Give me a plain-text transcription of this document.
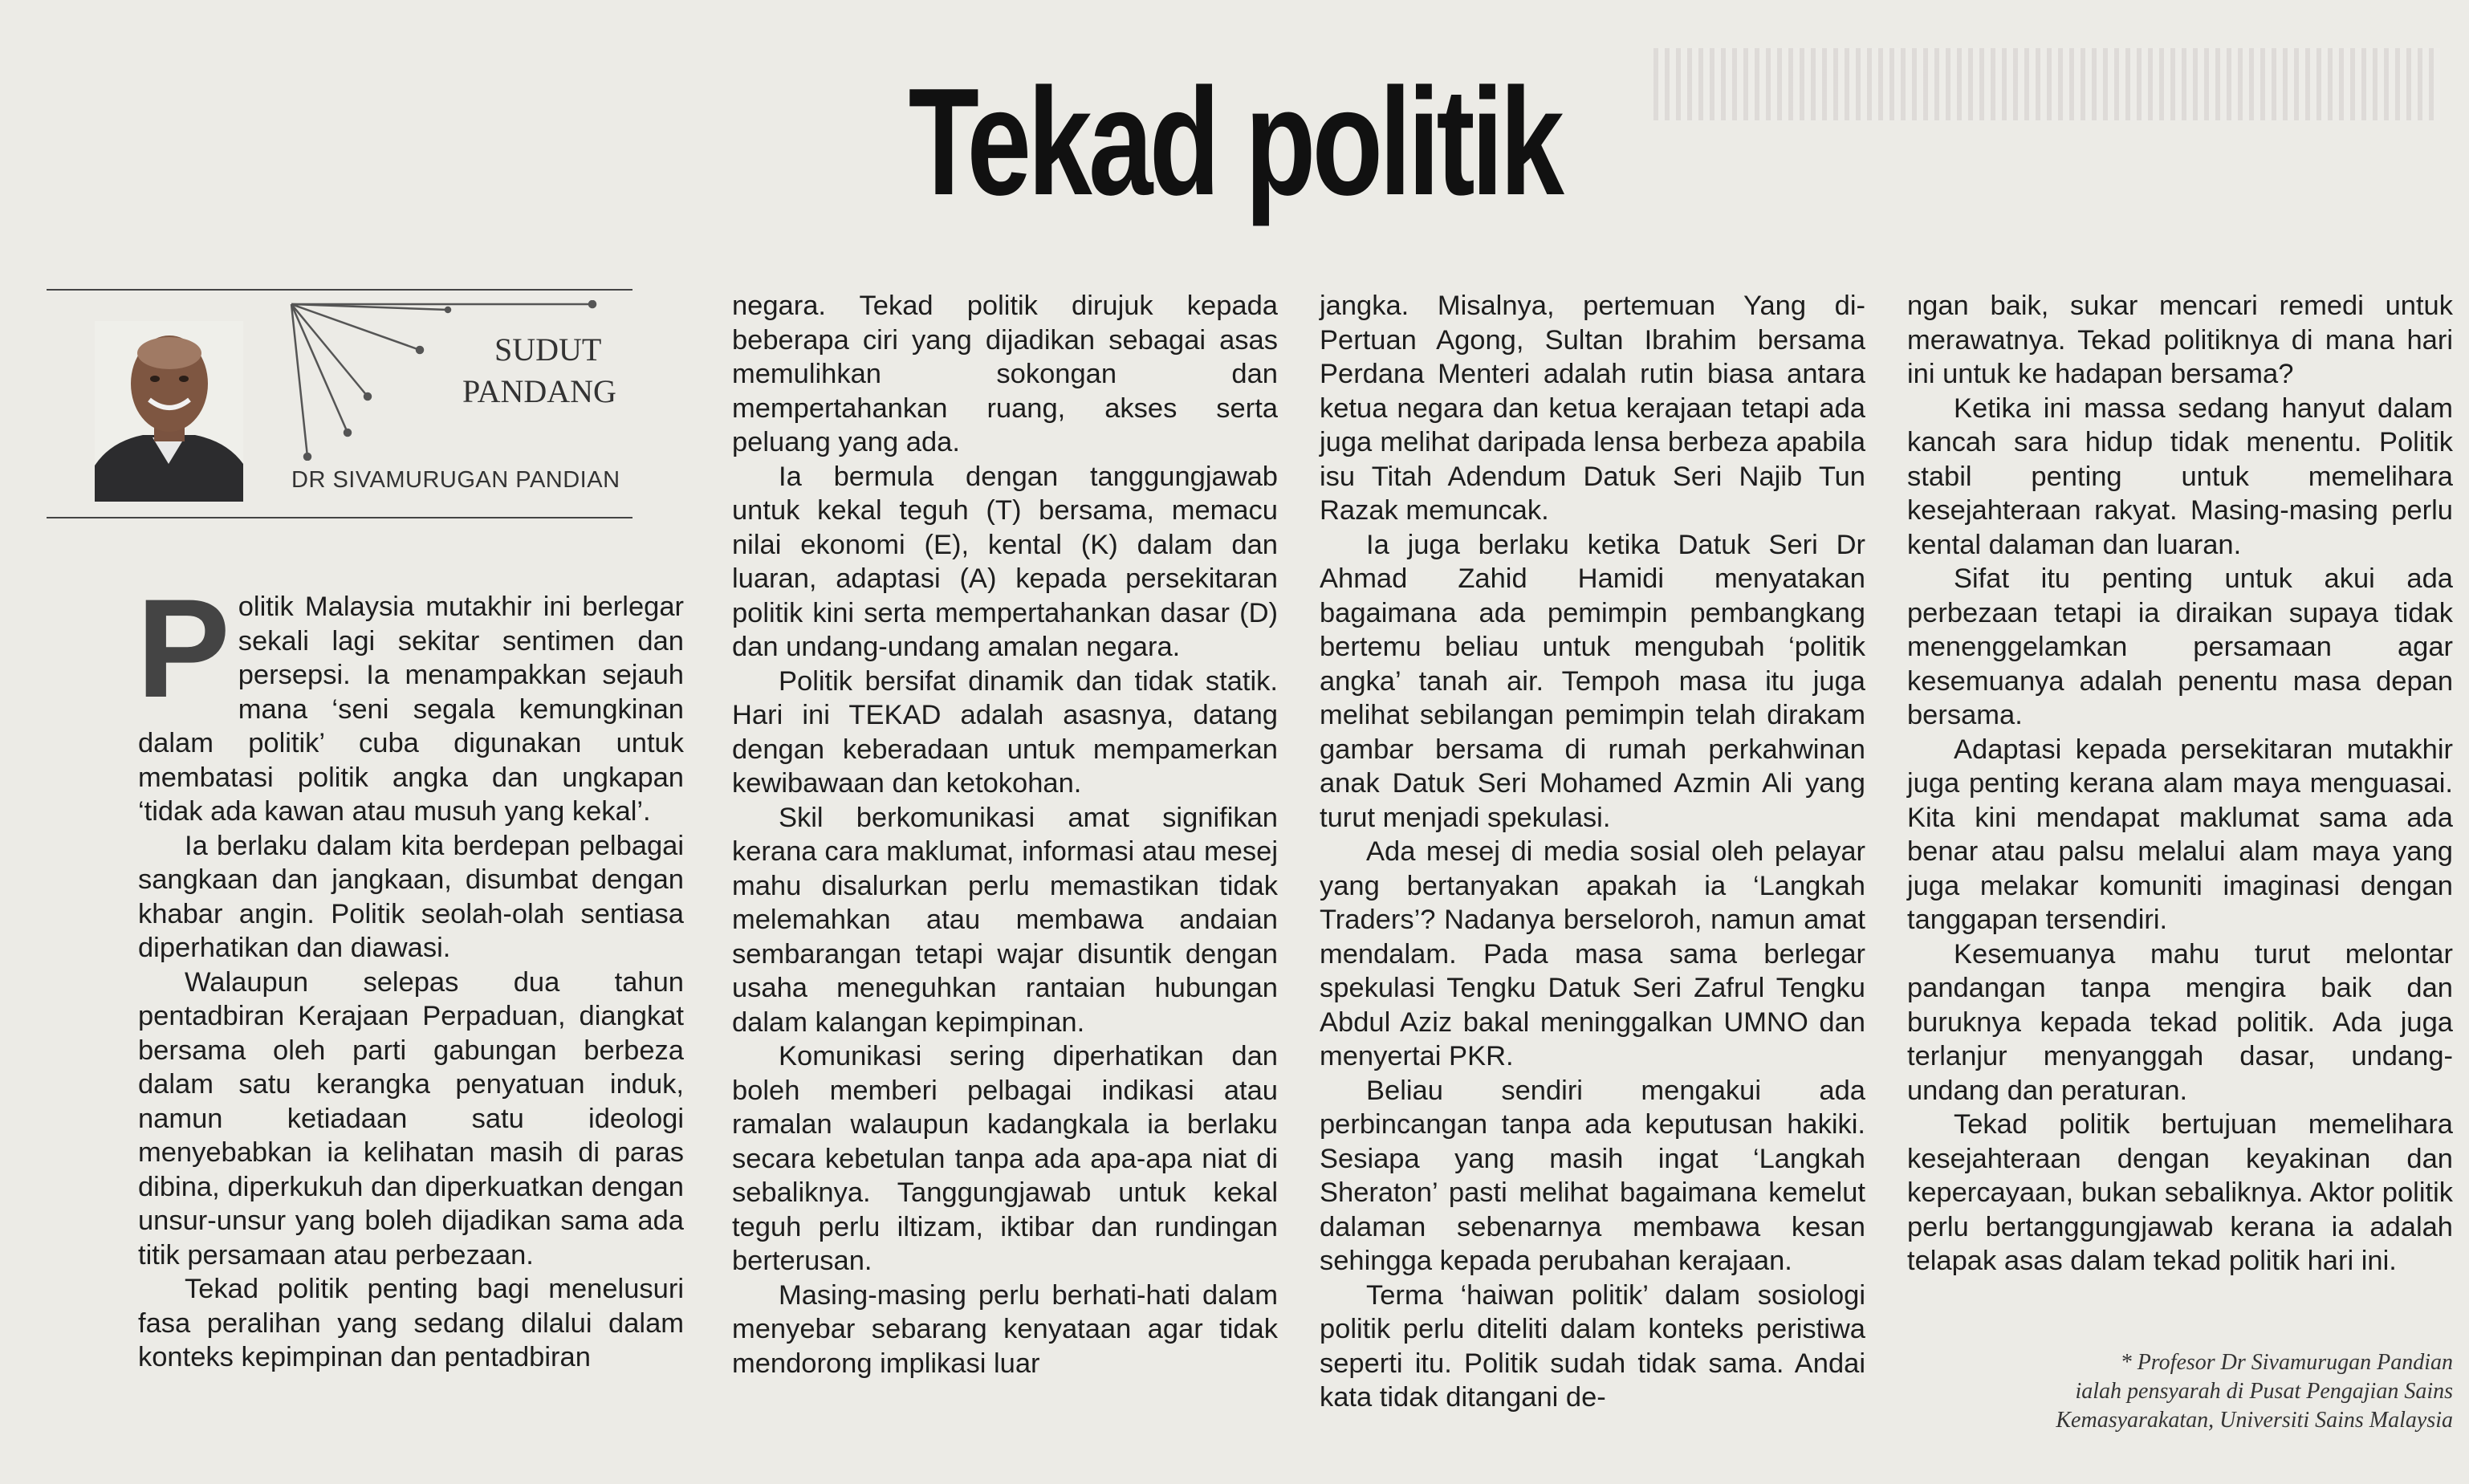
Tekad politik
SUDUT
PANDANG
DR SIVAMURUGAN PANDIAN

Politik Malaysia mutakhir ini berlegar sekali lagi sekitar sentimen dan persepsi. Ia menampakkan sejauh mana ‘seni segala kemungkinan dalam politik’ cuba digunakan untuk membatasi politik angka dan ungkapan ‘tidak ada kawan atau musuh yang kekal’.

Ia berlaku dalam kita berdepan pelbagai sangkaan dan jangkaan, disumbat dengan khabar angin. Politik seolah-olah sentiasa diperhatikan dan diawasi.

Walaupun selepas dua tahun pentadbiran Kerajaan Perpaduan, diangkat bersama oleh parti gabungan berbeza dalam satu kerangka penyatuan induk, namun ketiadaan satu ideologi menyebabkan ia kelihatan masih di paras dibina, diperkukuh dan diperkuatkan dengan unsur-unsur yang boleh dijadikan sama ada titik persamaan atau perbezaan.

Tekad politik penting bagi menelusuri fasa peralihan yang sedang dilalui dalam konteks kepimpinan dan pentadbiran

negara. Tekad politik dirujuk kepada beberapa ciri yang dijadikan sebagai asas memulihkan sokongan dan mempertahankan ruang, akses serta peluang yang ada.

Ia bermula dengan tanggungjawab untuk kekal teguh (T) bersama, memacu nilai ekonomi (E), kental (K) dalam dan luaran, adaptasi (A) kepada persekitaran politik kini serta mempertahankan dasar (D) dan undang-undang amalan negara.

Politik bersifat dinamik dan tidak statik. Hari ini TEKAD adalah asasnya, datang dengan keberadaan untuk mempamerkan kewibawaan dan ketokohan.

Skil berkomunikasi amat signifikan kerana cara maklumat, informasi atau mesej mahu disalurkan perlu memastikan tidak melemahkan atau membawa andaian sembarangan tetapi wajar disuntik dengan usaha meneguhkan rantaian hubungan dalam kalangan kepimpinan.

Komunikasi sering diperhatikan dan boleh memberi pelbagai indikasi atau ramalan walaupun kadangkala ia berlaku secara kebetulan tanpa ada apa-apa niat di sebaliknya. Tanggungjawab untuk kekal teguh perlu iltizam, iktibar dan rundingan berterusan.

Masing-masing perlu berhati-hati dalam menyebar sebarang kenyataan agar tidak mendorong implikasi luar

jangka. Misalnya, pertemuan Yang di-Pertuan Agong, Sultan Ibrahim bersama Perdana Menteri adalah rutin biasa antara ketua negara dan ketua kerajaan tetapi ada juga melihat daripada lensa berbeza apabila isu Titah Adendum Datuk Seri Najib Tun Razak memuncak.

Ia juga berlaku ketika Datuk Seri Dr Ahmad Zahid Hamidi menyatakan bagaimana ada pemimpin pembangkang bertemu beliau untuk mengubah ‘politik angka’ tanah air. Tempoh masa itu juga melihat sebilangan pemimpin telah dirakam gambar bersama di rumah perkahwinan anak Datuk Seri Mohamed Azmin Ali yang turut menjadi spekulasi.

Ada mesej di media sosial oleh pelayar yang bertanyakan apakah ia ‘Langkah Traders’? Nadanya berseloroh, namun amat mendalam. Pada masa sama berlegar spekulasi Tengku Datuk Seri Zafrul Tengku Abdul Aziz bakal meninggalkan UMNO dan menyertai PKR.

Beliau sendiri mengakui ada perbincangan tanpa ada keputusan hakiki. Sesiapa yang masih ingat ‘Langkah Sheraton’ pasti melihat bagaimana kemelut dalaman sebenarnya membawa kesan sehingga kepada perubahan kerajaan.

Terma ‘haiwan politik’ dalam sosiologi politik perlu diteliti dalam konteks peristiwa seperti itu. Politik sudah tidak sama. Andai kata tidak ditangani de-

ngan baik, sukar mencari remedi untuk merawatnya. Tekad politiknya di mana hari ini untuk ke hadapan bersama?

Ketika ini massa sedang hanyut dalam kancah sara hidup tidak menentu. Politik stabil penting untuk memelihara kesejahteraan rakyat. Masing-masing perlu kental dalaman dan luaran.

Sifat itu penting untuk akui ada perbezaan tetapi ia diraikan supaya tidak menenggelamkan persamaan agar kesemuanya adalah penentu masa depan bersama.

Adaptasi kepada persekitaran mutakhir juga penting kerana alam maya menguasai. Kita kini mendapat maklumat sama ada benar atau palsu melalui alam maya yang juga melakar komuniti imaginasi dengan tanggapan tersendiri.

Kesemuanya mahu turut melontar pandangan tanpa mengira baik dan buruknya kepada tekad politik. Ada juga terlanjur menyanggah dasar, undang-undang dan peraturan.

Tekad politik bertujuan memelihara kesejahteraan dengan keyakinan dan kepercayaan, bukan sebaliknya. Aktor politik perlu bertanggungjawab kerana ia adalah telapak asas dalam tekad politik hari ini.

* Profesor Dr Sivamurugan Pandian
ialah pensyarah di Pusat Pengajian Sains
Kemasyarakatan, Universiti Sains Malaysia
